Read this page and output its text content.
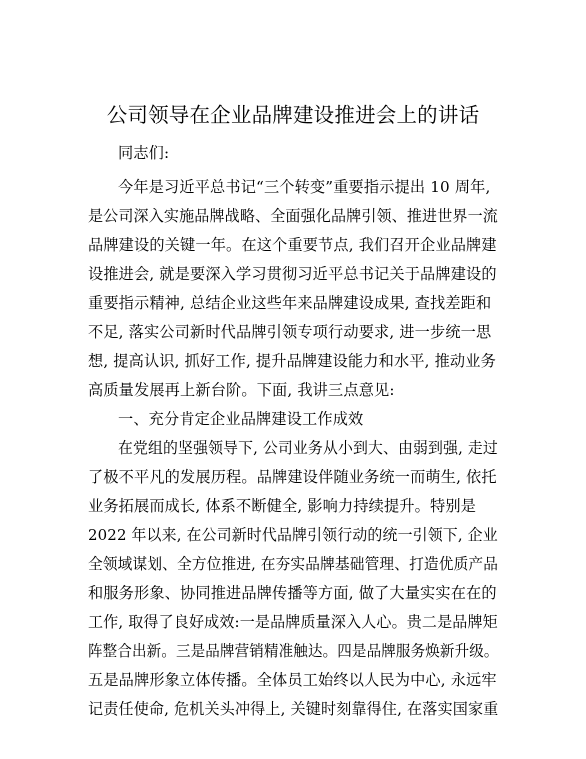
公司领导在企业品牌建设推进会上的讲话
同志们:
今年是习近平总书记“三个转变”重要指示提出 10 周年,
是公司深入实施品牌战略、全面强化品牌引领、推进世界一流
品牌建设的关键一年。在这个重要节点, 我们召开企业品牌建
设推进会, 就是要深入学习贯彻习近平总书记关于品牌建设的
重要指示精神, 总结企业这些年来品牌建设成果, 查找差距和
不足, 落实公司新时代品牌引领专项行动要求, 进一步统一思
想, 提高认识, 抓好工作, 提升品牌建设能力和水平, 推动业务
高质量发展再上新台阶。下面, 我讲三点意见:
一、充分肯定企业品牌建设工作成效
在党组的坚强领导下, 公司业务从小到大、由弱到强, 走过
了极不平凡的发展历程。品牌建设伴随业务统一而萌生, 依托
业务拓展而成长, 体系不断健全, 影响力持续提升。特别是
2022 年以来, 在公司新时代品牌引领行动的统一引领下, 企业
全领域谋划、全方位推进, 在夯实品牌基础管理、打造优质产品
和服务形象、协同推进品牌传播等方面, 做了大量实实在在的
工作, 取得了良好成效:一是品牌质量深入人心。贵二是品牌矩
阵整合出新。三是品牌营销精准触达。四是品牌服务焕新升级。
五是品牌形象立体传播。全体员工始终以人民为中心, 永远牢
记责任使命, 危机关头冲得上, 关键时刻靠得住, 在落实国家重
